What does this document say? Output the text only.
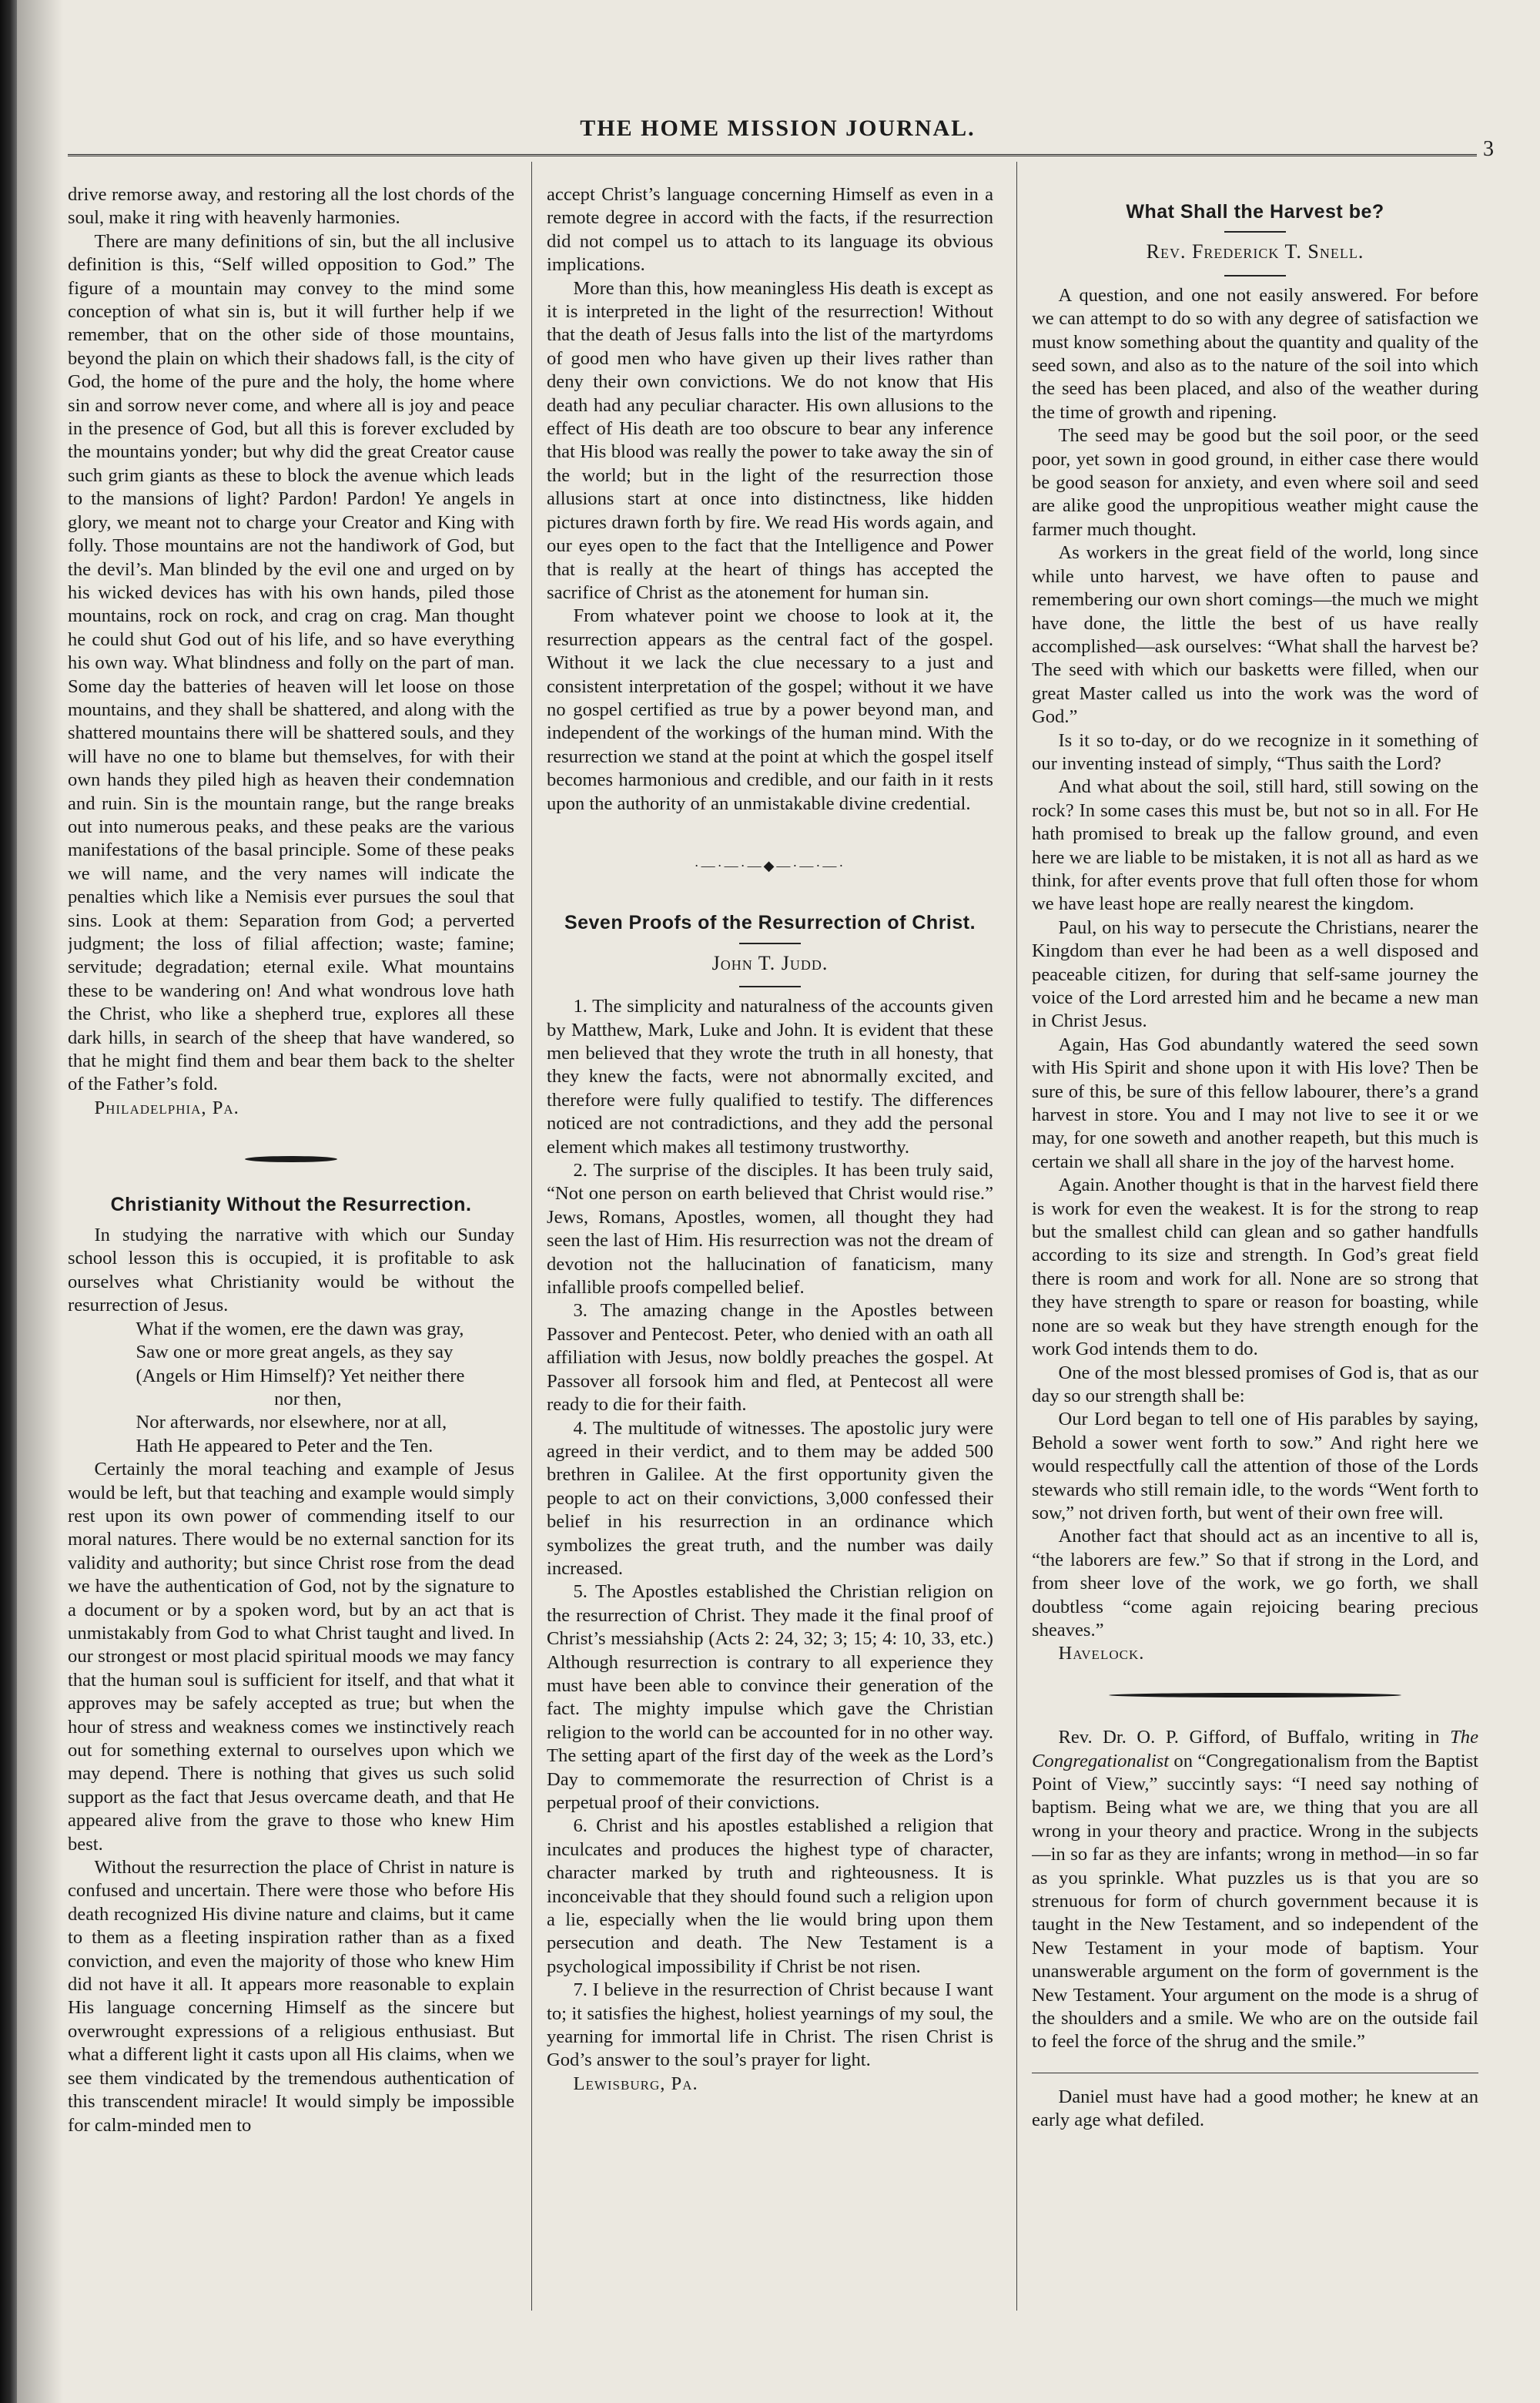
THE HOME MISSION JOURNAL.
3

drive remorse away, and restoring all the lost chords of the soul, make it ring with heavenly harmonies.

There are many definitions of sin, but the all inclusive definition is this, “Self willed opposition to God.” The figure of a mountain may convey to the mind some conception of what sin is, but it will further help if we remember, that on the other side of those mountains, beyond the plain on which their shadows fall, is the city of God, the home of the pure and the holy, the home where sin and sorrow never come, and where all is joy and peace in the presence of God, but all this is forever excluded by the mountains yonder; but why did the great Creator cause such grim giants as these to block the avenue which leads to the mansions of light? Pardon! Pardon! Ye angels in glory, we meant not to charge your Creator and King with folly. Those mountains are not the handiwork of God, but the devil’s. Man blinded by the evil one and urged on by his wicked devices has with his own hands, piled those mountains, rock on rock, and crag on crag. Man thought he could shut God out of his life, and so have everything his own way. What blindness and folly on the part of man. Some day the batteries of heaven will let loose on those mountains, and they shall be shattered, and along with the shattered mountains there will be shattered souls, and they will have no one to blame but themselves, for with their own hands they piled high as heaven their condemnation and ruin. Sin is the mountain range, but the range breaks out into numerous peaks, and these peaks are the various manifestations of the basal principle. Some of these peaks we will name, and the very names will indicate the penalties which like a Nemisis ever pursues the soul that sins. Look at them: Separation from God; a perverted judgment; the loss of filial affection; waste; famine; servitude; degradation; eternal exile. What mountains these to be wandering on! And what wondrous love hath the Christ, who like a shepherd true, explores all these dark hills, in search of the sheep that have wandered, so that he might find them and bear them back to the shelter of the Father’s fold.

Philadelphia, Pa.

Christianity Without the Resurrection.

In studying the narrative with which our Sunday school lesson this is occupied, it is profitable to ask ourselves what Christianity would be without the resurrection of Jesus.

What if the women, ere the dawn was gray,

Saw one or more great angels, as they say

(Angels or Him Himself)? Yet neither there

nor then,

Nor afterwards, nor elsewhere, nor at all,

Hath He appeared to Peter and the Ten.

Certainly the moral teaching and example of Jesus would be left, but that teaching and example would simply rest upon its own power of commending itself to our moral natures. There would be no external sanction for its validity and authority; but since Christ rose from the dead we have the authentication of God, not by the signature to a document or by a spoken word, but by an act that is unmistakably from God to what Christ taught and lived. In our strongest or most placid spiritual moods we may fancy that the human soul is sufficient for itself, and that what it approves may be safely accepted as true; but when the hour of stress and weakness comes we instinctively reach out for something external to ourselves upon which we may depend. There is nothing that gives us such solid support as the fact that Jesus overcame death, and that He appeared alive from the grave to those who knew Him best.

Without the resurrection the place of Christ in nature is confused and uncertain. There were those who before His death recognized His divine nature and claims, but it came to them as a fleeting inspiration rather than as a fixed conviction, and even the majority of those who knew Him did not have it all. It appears more reasonable to explain His language concerning Himself as the sincere but overwrought expressions of a religious enthusiast. But what a different light it casts upon all His claims, when we see them vindicated by the tremendous authentication of this transcendent miracle! It would simply be impossible for calm-minded men to

accept Christ’s language concerning Himself as even in a remote degree in accord with the facts, if the resurrection did not compel us to attach to its language its obvious implications.

More than this, how meaningless His death is except as it is interpreted in the light of the resurrection! Without that the death of Jesus falls into the list of the martyrdoms of good men who have given up their lives rather than deny their own convictions. We do not know that His death had any peculiar character. His own allusions to the effect of His death are too obscure to bear any inference that His blood was really the power to take away the sin of the world; but in the light of the resurrection those allusions start at once into distinctness, like hidden pictures drawn forth by fire. We read His words again, and our eyes open to the fact that the Intelligence and Power that is really at the heart of things has accepted the sacrifice of Christ as the atonement for human sin.

From whatever point we choose to look at it, the resurrection appears as the central fact of the gospel. Without it we lack the clue necessary to a just and consistent interpretation of the gospel; without it we have no gospel certified as true by a power beyond man, and independent of the workings of the human mind. With the resurrection we stand at the point at which the gospel itself becomes harmonious and credible, and our faith in it rests upon the authority of an unmistakable divine credential.

·—·—·—◆—·—·—·
Seven Proofs of the Resurrection of Christ.
John T. Judd.

1. The simplicity and naturalness of the accounts given by Matthew, Mark, Luke and John. It is evident that these men believed that they wrote the truth in all honesty, that they knew the facts, were not abnormally excited, and therefore were fully qualified to testify. The differences noticed are not contradictions, and they add the personal element which makes all testimony trustworthy.

2. The surprise of the disciples. It has been truly said, “Not one person on earth believed that Christ would rise.” Jews, Romans, Apostles, women, all thought they had seen the last of Him. His resurrection was not the dream of devotion not the hallucination of fanaticism, many infallible proofs compelled belief.

3. The amazing change in the Apostles between Passover and Pentecost. Peter, who denied with an oath all affiliation with Jesus, now boldly preaches the gospel. At Passover all forsook him and fled, at Pentecost all were ready to die for their faith.

4. The multitude of witnesses. The apostolic jury were agreed in their verdict, and to them may be added 500 brethren in Galilee. At the first opportunity given the people to act on their convictions, 3,000 confessed their belief in his resurrection in an ordinance which symbolizes the great truth, and the number was daily increased.

5. The Apostles established the Christian religion on the resurrection of Christ. They made it the final proof of Christ’s messiahship (Acts 2: 24, 32; 3; 15; 4: 10, 33, etc.) Although resurrection is contrary to all experience they must have been able to convince their generation of the fact. The mighty impulse which gave the Christian religion to the world can be accounted for in no other way. The setting apart of the first day of the week as the Lord’s Day to commemorate the resurrection of Christ is a perpetual proof of their convictions.

6. Christ and his apostles established a religion that inculcates and produces the highest type of character, character marked by truth and righteousness. It is inconceivable that they should found such a religion upon a lie, especially when the lie would bring upon them persecution and death. The New Testament is a psychological impossibility if Christ be not risen.

7. I believe in the resurrection of Christ because I want to; it satisfies the highest, holiest yearnings of my soul, the yearning for immortal life in Christ. The risen Christ is God’s answer to the soul’s prayer for light.

Lewisburg, Pa.

What Shall the Harvest be?
Rev. Frederick T. Snell.

A question, and one not easily answered. For before we can attempt to do so with any degree of satisfaction we must know something about the quantity and quality of the seed sown, and also as to the nature of the soil into which the seed has been placed, and also of the weather during the time of growth and ripening.

The seed may be good but the soil poor, or the seed poor, yet sown in good ground, in either case there would be good season for anxiety, and even where soil and seed are alike good the unpropitious weather might cause the farmer much thought.

As workers in the great field of the world, long since while unto harvest, we have often to pause and remembering our own short comings—the much we might have done, the little the best of us have really accomplished—ask ourselves: “What shall the harvest be? The seed with which our basketts were filled, when our great Master called us into the work was the word of God.”

Is it so to-day, or do we recognize in it something of our inventing instead of simply, “Thus saith the Lord?

And what about the soil, still hard, still sowing on the rock? In some cases this must be, but not so in all. For He hath promised to break up the fallow ground, and even here we are liable to be mistaken, it is not all as hard as we think, for after events prove that full often those for whom we have least hope are really nearest the kingdom.

Paul, on his way to persecute the Christians, nearer the Kingdom than ever he had been as a well disposed and peaceable citizen, for during that self-same journey the voice of the Lord arrested him and he became a new man in Christ Jesus.

Again, Has God abundantly watered the seed sown with His Spirit and shone upon it with His love? Then be sure of this, be sure of this fellow labourer, there’s a grand harvest in store. You and I may not live to see it or we may, for one soweth and another reapeth, but this much is certain we shall all share in the joy of the harvest home.

Again. Another thought is that in the harvest field there is work for even the weakest. It is for the strong to reap but the smallest child can glean and so gather handfulls according to its size and strength. In God’s great field there is room and work for all. None are so strong that they have strength to spare or reason for boasting, while none are so weak but they have strength enough for the work God intends them to do.

One of the most blessed promises of God is, that as our day so our strength shall be:

Our Lord began to tell one of His parables by saying, Behold a sower went forth to sow.” And right here we would respectfully call the attention of those of the Lords stewards who still remain idle, to the words “Went forth to sow,” not driven forth, but went of their own free will.

Another fact that should act as an incentive to all is, “the laborers are few.” So that if strong in the Lord, and from sheer love of the work, we go forth, we shall doubtless “come again rejoicing bearing precious sheaves.”

Havelock.

Rev. Dr. O. P. Gifford, of Buffalo, writing in The Congregationalist on “Congregationalism from the Baptist Point of View,” succintly says: “I need say nothing of baptism. Being what we are, we thing that you are all wrong in your theory and practice. Wrong in the subjects—in so far as they are infants; wrong in method—in so far as you sprinkle. What puzzles us is that you are so strenuous for form of church government because it is taught in the New Testament, and so independent of the New Testament in your mode of baptism. Your unanswerable argument on the form of government is the New Testament. Your argument on the mode is a shrug of the shoulders and a smile. We who are on the outside fail to feel the force of the shrug and the smile.”

Daniel must have had a good mother; he knew at an early age what defiled.
